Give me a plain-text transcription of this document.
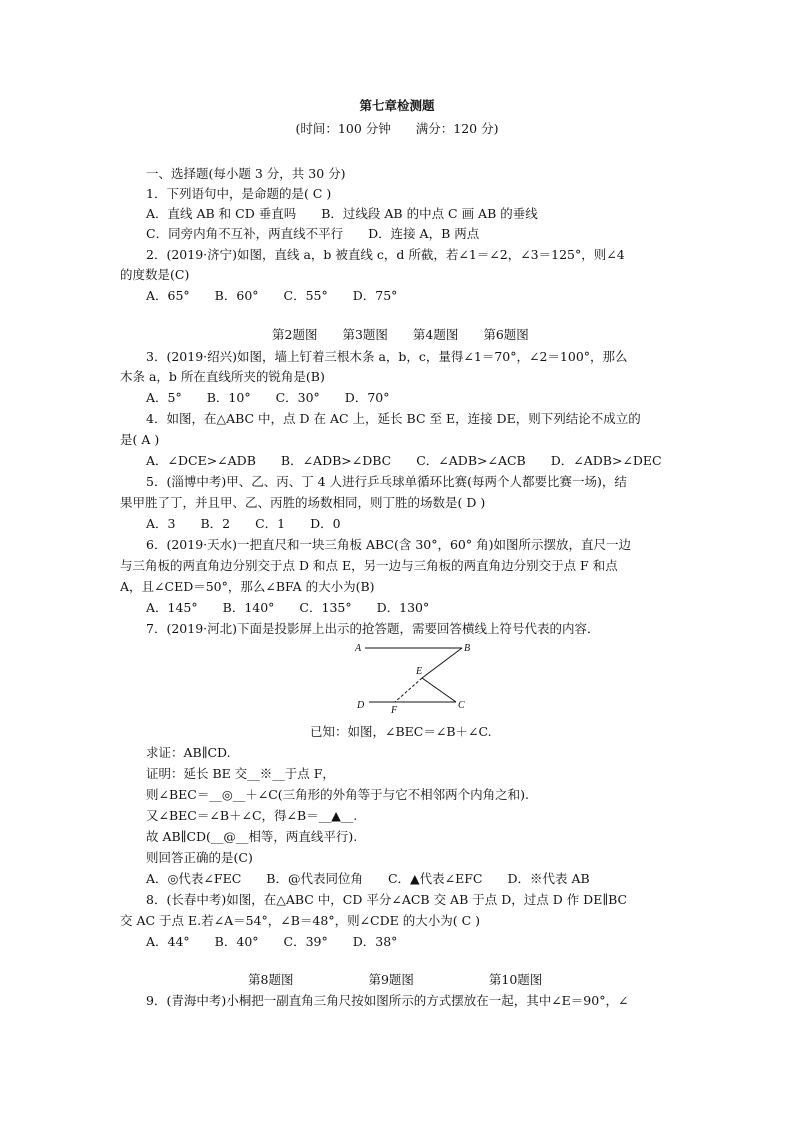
第七章检测题
(时间：100 分钟　　满分：120 分)
一、选择题(每小题 3 分，共 30 分)
1．下列语句中，是命题的是( C )
A．直线 AB 和 CD 垂直吗　　B．过线段 AB 的中点 C 画 AB 的垂线
C．同旁内角不互补，两直线不平行　　D．连接 A，B 两点
2．(2019·济宁)如图，直线 a，b 被直线 c，d 所截，若∠1＝∠2，∠3＝125°，则∠4
的度数是(C)
A．65°　　B．60°　　C．55°　　D．75°
第2题图　　第3题图　　第4题图　　第6题图
3．(2019·绍兴)如图，墙上钉着三根木条 a，b，c，量得∠1＝70°，∠2＝100°，那么
木条 a，b 所在直线所夹的锐角是(B)
A．5°　　B．10°　　C．30°　　D．70°
4．如图，在△ABC 中，点 D 在 AC 上，延长 BC 至 E，连接 DE，则下列结论不成立的
是( A )
A．∠DCE>∠ADB　　B．∠ADB>∠DBC　　C．∠ADB>∠ACB　　D．∠ADB>∠DEC
5．(淄博中考)甲、乙、丙、丁 4 人进行乒乓球单循环比赛(每两个人都要比赛一场)，结
果甲胜了丁，并且甲、乙、丙胜的场数相同，则丁胜的场数是( D )
A．3　　B．2　　C．1　　D．0
6．(2019·天水)一把直尺和一块三角板 ABC(含 30°，60° 角)如图所示摆放，直尺一边
与三角板的两直角边分别交于点 D 和点 E，另一边与三角板的两直角边分别交于点 F 和点
A，且∠CED＝50°，那么∠BFA 的大小为(B)
A．145°　　B．140°　　C．135°　　D．130°
7．(2019·河北)下面是投影屏上出示的抢答题，需要回答横线上符号代表的内容．
A	B
E
D	F	C
已知：如图，∠BEC＝∠B＋∠C.
求证：AB∥CD.
证明：延长 BE 交__※__于点 F，
则∠BEC＝__◎__＋∠C(三角形的外角等于与它不相邻两个内角之和).
又∠BEC＝∠B＋∠C，得∠B＝__▲__.
故 AB∥CD(__@__相等，两直线平行).
则回答正确的是(C)
A．◎代表∠FEC　　B．@代表同位角　　C．▲代表∠EFC　　D．※代表 AB
8．(长春中考)如图，在△ABC 中，CD 平分∠ACB 交 AB 于点 D，过点 D 作 DE∥BC
交 AC 于点 E.若∠A＝54°，∠B＝48°，则∠CDE 的大小为( C )
A．44°　　B．40°　　C．39°　　D．38°
第8题图　　　　　　第9题图　　　　　　第10题图
9．(青海中考)小桐把一副直角三角尺按如图所示的方式摆放在一起，其中∠E＝90°，∠
